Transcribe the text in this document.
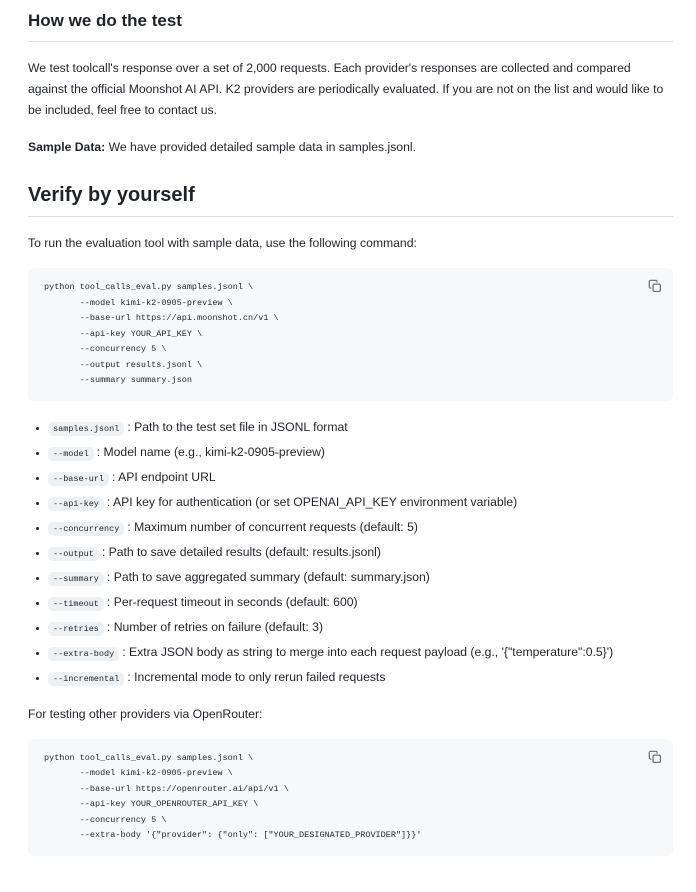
How we do the test

We test toolcall's response over a set of 2,000 requests. Each provider's responses are collected and compared against the official Moonshot AI API. K2 providers are periodically evaluated. If you are not on the list and would like to be included, feel free to contact us.

Sample Data: We have provided detailed sample data in samples.jsonl.

Verify by yourself

To run the evaluation tool with sample data, use the following command:

python tool_calls_eval.py samples.jsonl \
--model kimi-k2-0905-preview \
--base-url https://api.moonshot.cn/v1 \
--api-key YOUR_API_KEY \
--concurrency 5 \
--output results.jsonl \
--summary summary.json
• samples.jsonl : Path to the test set file in JSONL format
• --model : Model name (e.g., kimi-k2-0905-preview)
• --base-url : API endpoint URL
• --api-key : API key for authentication (or set OPENAI_API_KEY environment variable)
• --concurrency : Maximum number of concurrent requests (default: 5)
• --output : Path to save detailed results (default: results.jsonl)
• --summary : Path to save aggregated summary (default: summary.json)
• --timeout : Per-request timeout in seconds (default: 600)
• --retries : Number of retries on failure (default: 3)
• --extra-body : Extra JSON body as string to merge into each request payload (e.g., '{"temperature":0.5}')
• --incremental : Incremental mode to only rerun failed requests

For testing other providers via OpenRouter:

python tool_calls_eval.py samples.jsonl \
--model kimi-k2-0905-preview \
--base-url https://openrouter.ai/api/v1 \
--api-key YOUR_OPENROUTER_API_KEY \
--concurrency 5 \
--extra-body '{"provider": {"only": ["YOUR_DESIGNATED_PROVIDER"]}}'
